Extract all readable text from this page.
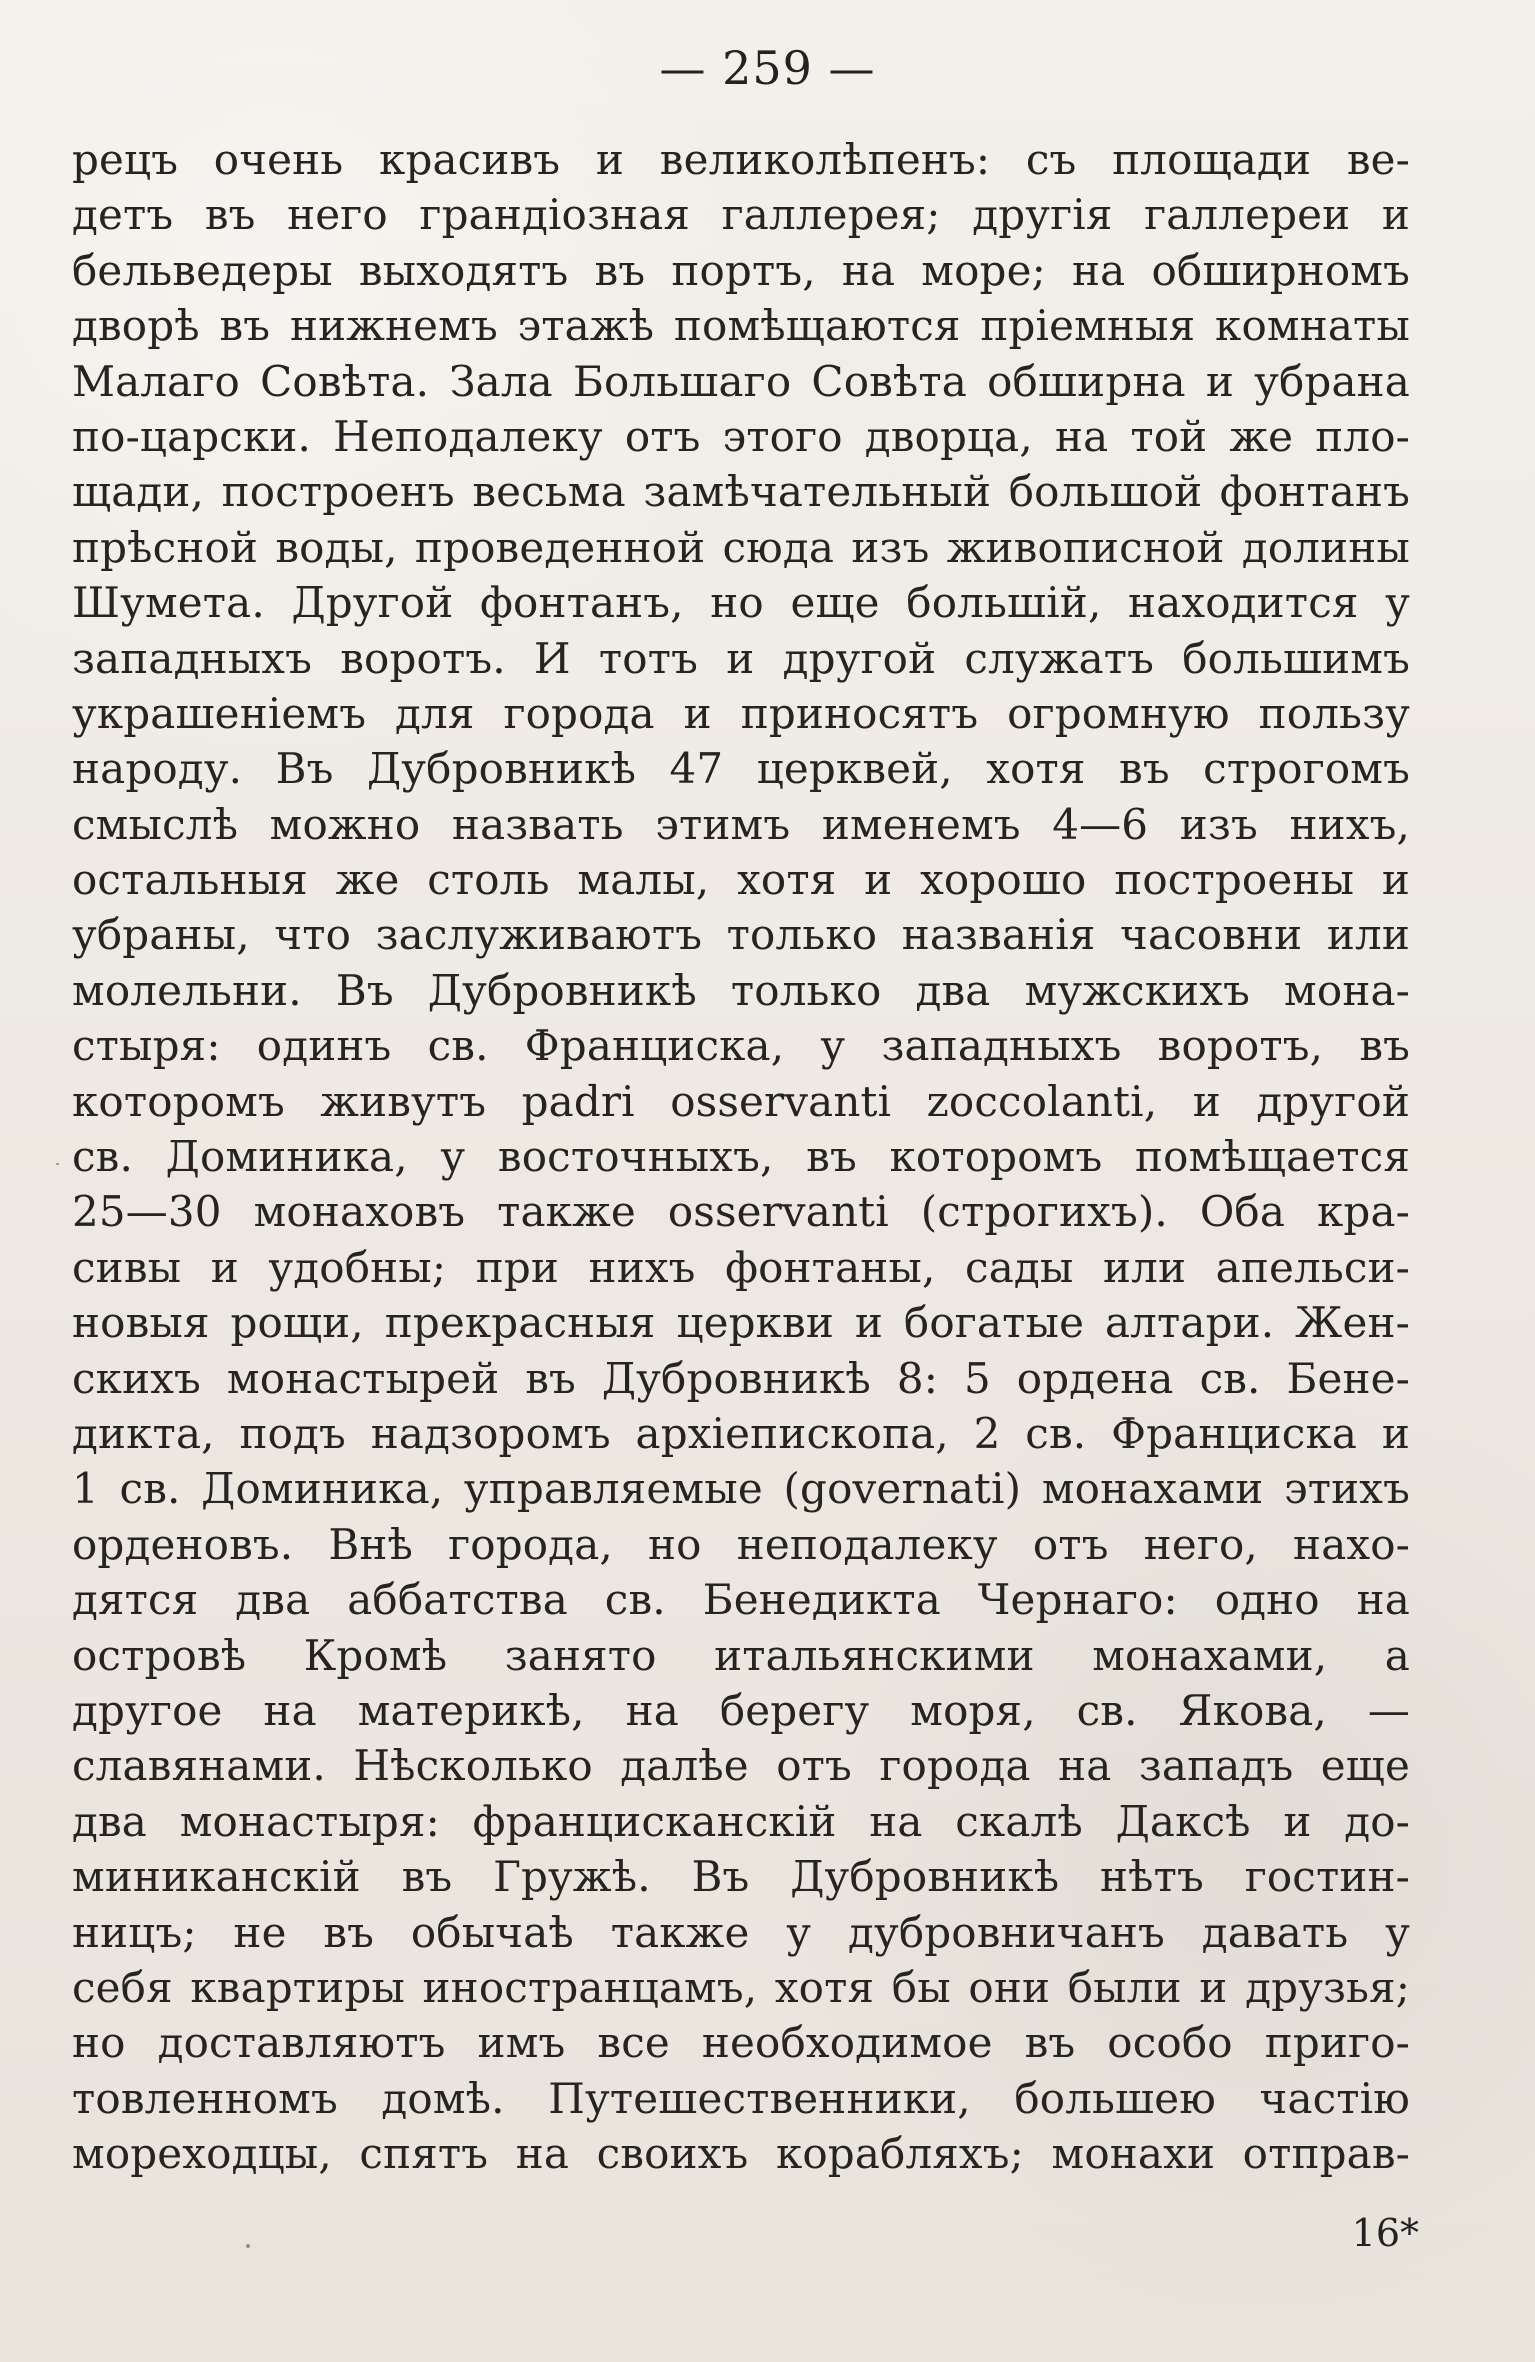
— 259 —
рецъ очень красивъ и великолѣпенъ: съ площади ве-
детъ въ него грандіозная галлерея; другія галлереи и
бельведеры выходятъ въ портъ, на море; на обширномъ
дворѣ въ нижнемъ этажѣ помѣщаются пріемныя комнаты
Малаго Совѣта. Зала Большаго Совѣта обширна и убрана
по-царски. Неподалеку отъ этого дворца, на той же пло-
щади, построенъ весьма замѣчательный большой фонтанъ
прѣсной воды, проведенной сюда изъ живописной долины
Шумета. Другой фонтанъ, но еще большій, находится у
западныхъ воротъ. И тотъ и другой служатъ большимъ
украшеніемъ для города и приносятъ огромную пользу
народу. Въ Дубровникѣ 47 церквей, хотя въ строгомъ
смыслѣ можно назвать этимъ именемъ 4—6 изъ нихъ,
остальныя же столь малы, хотя и хорошо построены и
убраны, что заслуживаютъ только названія часовни или
молельни. Въ Дубровникѣ только два мужскихъ мона-
стыря: одинъ св. Франциска, у западныхъ воротъ, въ
которомъ живутъ padri osservanti zoccolanti, и другой
св. Доминика, у восточныхъ, въ которомъ помѣщается
25—30 монаховъ также osservanti (строгихъ). Оба кра-
сивы и удобны; при нихъ фонтаны, сады или апельси-
новыя рощи, прекрасныя церкви и богатые алтари. Жен-
скихъ монастырей въ Дубровникѣ 8: 5 ордена св. Бене-
дикта, подъ надзоромъ архіепископа, 2 св. Франциска и
1 св. Доминика, управляемые (governati) монахами этихъ
орденовъ. Внѣ города, но неподалеку отъ него, нахо-
дятся два аббатства св. Бенедикта Чернаго: одно на
островѣ Кромѣ занято итальянскими монахами, а
другое на материкѣ, на берегу моря, св. Якова, —
славянами. Нѣсколько далѣе отъ города на западъ еще
два монастыря: францисканскій на скалѣ Даксѣ и до-
миниканскій въ Гружѣ. Въ Дубровникѣ нѣтъ гостин-
ницъ; не въ обычаѣ также у дубровничанъ давать у
себя квартиры иностранцамъ, хотя бы они были и друзья;
но доставляютъ имъ все необходимое въ особо приго-
товленномъ домѣ. Путешественники, большею частію
мореходцы, спятъ на своихъ корабляхъ; монахи отправ-
16*
